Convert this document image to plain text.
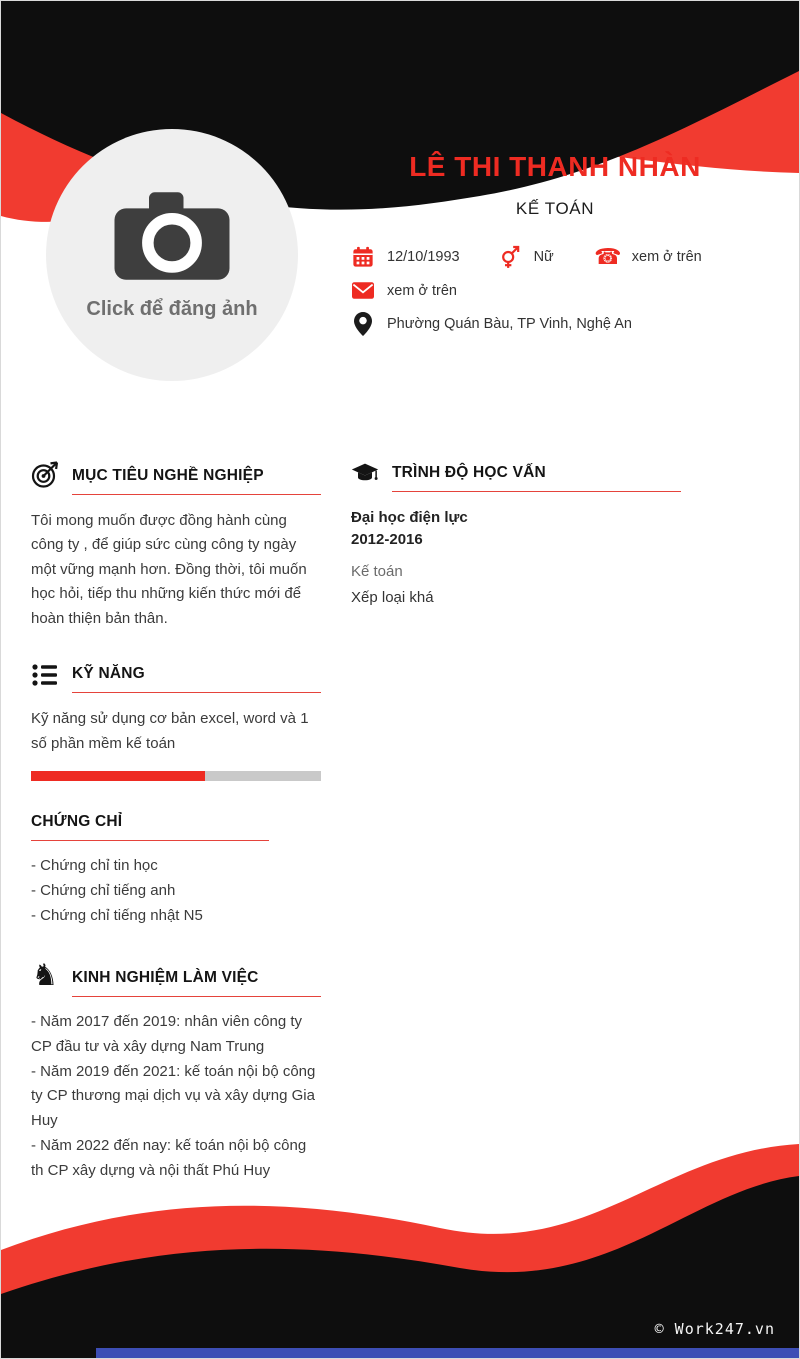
Click để đăng ảnh
LÊ THI THANH NHÀN
KẾ TOÁN
12/10/1993	Nữ ☎ xem ở trên
xem ở trên
Phường Quán Bàu, TP Vinh, Nghệ An
MỤC TIÊU NGHỀ NGHIỆP

Tôi mong muốn được đồng hành cùng công ty , để giúp sức cùng công ty ngày một vững mạnh hơn. Đồng thời, tôi muốn học hỏi, tiếp thu những kiến thức mới để hoàn thiện bản thân.

KỸ NĂNG

Kỹ năng sử dụng cơ bản excel, word và 1 số phần mềm kế toán

CHỨNG CHỈ
- Chứng chỉ tin học
- Chứng chỉ tiếng anh
- Chứng chỉ tiếng nhật N5
♞ KINH NGHIỆM LÀM VIỆC
- Năm 2017 đến 2019: nhân viên công ty CP đầu tư và xây dựng Nam Trung
- Năm 2019 đến 2021: kế toán nội bộ công ty CP thương mại dịch vụ và xây dựng Gia Huy
- Năm 2022 đến nay: kế toán nội bộ công th CP xây dựng và nội thất Phú Huy
TRÌNH ĐỘ HỌC VẤN
Đại học điện lực
2012-2016
Kế toán
Xếp loại khá
© Work247.vn
